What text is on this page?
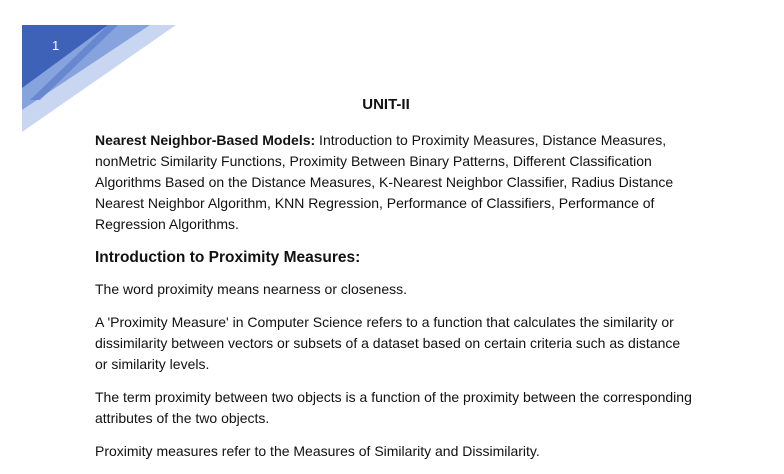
1
UNIT-II

Nearest Neighbor-Based Models: Introduction to Proximity Measures, Distance Measures, nonMetric Similarity Functions, Proximity Between Binary Patterns, Different Classification Algorithms Based on the Distance Measures, K-Nearest Neighbor Classifier, Radius Distance Nearest Neighbor Algorithm, KNN Regression, Performance of Classifiers, Performance of Regression Algorithms.

Introduction to Proximity Measures:

The word proximity means nearness or closeness.

A 'Proximity Measure' in Computer Science refers to a function that calculates the similarity or dissimilarity between vectors or subsets of a dataset based on certain criteria such as distance or similarity levels.

The term proximity between two objects is a function of the proximity between the corresponding attributes of the two objects.

Proximity measures refer to the Measures of Similarity and Dissimilarity.
